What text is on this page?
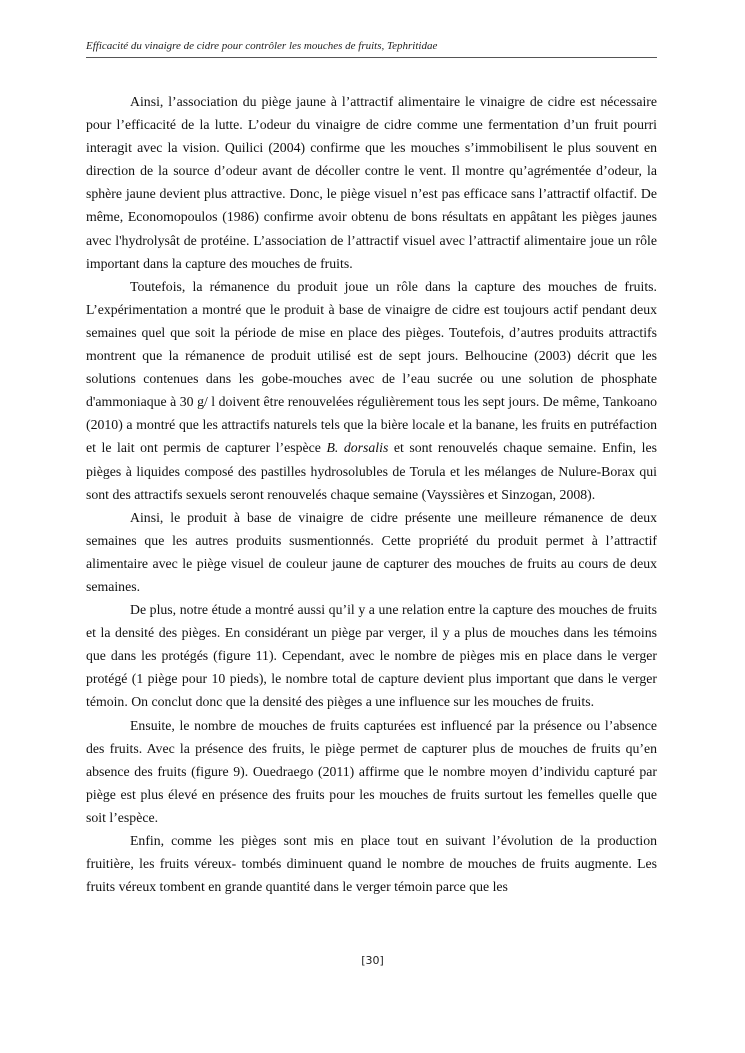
Efficacité du vinaigre de cidre pour contrôler les mouches de fruits, Tephritidae

Ainsi, l’association du piège jaune à l’attractif alimentaire le vinaigre de cidre est nécessaire pour l’efficacité de la lutte. L’odeur du vinaigre de cidre comme une fermentation d’un fruit pourri interagit avec la vision. Quilici (2004) confirme que les mouches s’immobilisent le plus souvent en direction de la source d’odeur avant de décoller contre le vent. Il montre qu’agrémentée d’odeur, la sphère jaune devient plus attractive. Donc, le piège visuel n’est pas efficace sans l’attractif olfactif. De même, Economopoulos (1986) confirme avoir obtenu de bons résultats en appâtant les pièges jaunes avec l'hydrolysât de protéine. L’association de l’attractif visuel avec l’attractif alimentaire joue un rôle important dans la capture des mouches de fruits.

Toutefois, la rémanence du produit joue un rôle dans la capture des mouches de fruits. L’expérimentation a montré que le produit à base de vinaigre de cidre est toujours actif pendant deux semaines quel que soit la période de mise en place des pièges. Toutefois, d’autres produits attractifs montrent que la rémanence de produit utilisé est de sept jours. Belhoucine (2003) décrit que les solutions contenues dans les gobe-mouches avec de l’eau sucrée ou une solution de phosphate d'ammoniaque à 30 g/ l doivent être renouvelées régulièrement tous les sept jours. De même, Tankoano (2010) a montré que les attractifs naturels tels que la bière locale et la banane, les fruits en putréfaction et le lait ont permis de capturer l’espèce B. dorsalis et sont renouvelés chaque semaine. Enfin, les pièges à liquides composé des pastilles hydrosolubles de Torula et les mélanges de Nulure-Borax qui sont des attractifs sexuels seront renouvelés chaque semaine (Vayssières et Sinzogan, 2008).

Ainsi, le produit à base de vinaigre de cidre présente une meilleure rémanence de deux semaines que les autres produits susmentionnés. Cette propriété du produit permet à l’attractif alimentaire avec le piège visuel de couleur jaune de capturer des mouches de fruits au cours de deux semaines.

De plus, notre étude a montré aussi qu’il y a une relation entre la capture des mouches de fruits et la densité des pièges. En considérant un piège par verger, il y a plus de mouches dans les témoins que dans les protégés (figure 11). Cependant, avec le nombre de pièges mis en place dans le verger protégé (1 piège pour 10 pieds), le nombre total de capture devient plus important que dans le verger témoin. On conclut donc que la densité des pièges a une influence sur les mouches de fruits.

Ensuite, le nombre de mouches de fruits capturées est influencé par la présence ou l’absence des fruits. Avec la présence des fruits, le piège permet de capturer plus de mouches de fruits qu’en absence des fruits (figure 9). Ouedraego (2011) affirme que le nombre moyen d’individu capturé par piège est plus élevé en présence des fruits pour les mouches de fruits surtout les femelles quelle que soit l’espèce.

Enfin, comme les pièges sont mis en place tout en suivant l’évolution de la production fruitière, les fruits véreux- tombés diminuent quand le nombre de mouches de fruits augmente. Les fruits véreux tombent en grande quantité dans le verger témoin parce que les

[30]
